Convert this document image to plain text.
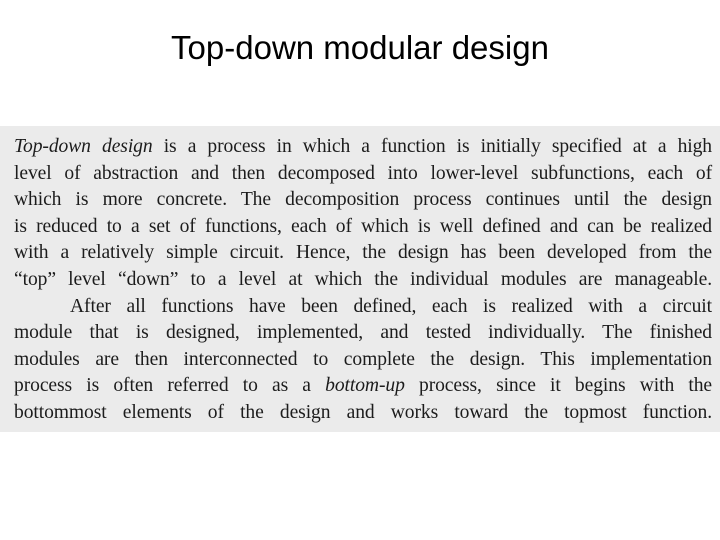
Top-down modular design

Top-down design is a process in which a function is initially specified at a high
level of abstraction and then decomposed into lower-level subfunctions, each of
which is more concrete. The decomposition process continues until the design
is reduced to a set of functions, each of which is well defined and can be realized
with a relatively simple circuit. Hence, the design has been developed from the
“top” level “down” to a level at which the individual modules are manageable.

After all functions have been defined, each is realized with a circuit
module that is designed, implemented, and tested individually. The finished
modules are then interconnected to complete the design. This implementation
process is often referred to as a bottom-up process, since it begins with the
bottommost elements of the design and works toward the topmost function.
